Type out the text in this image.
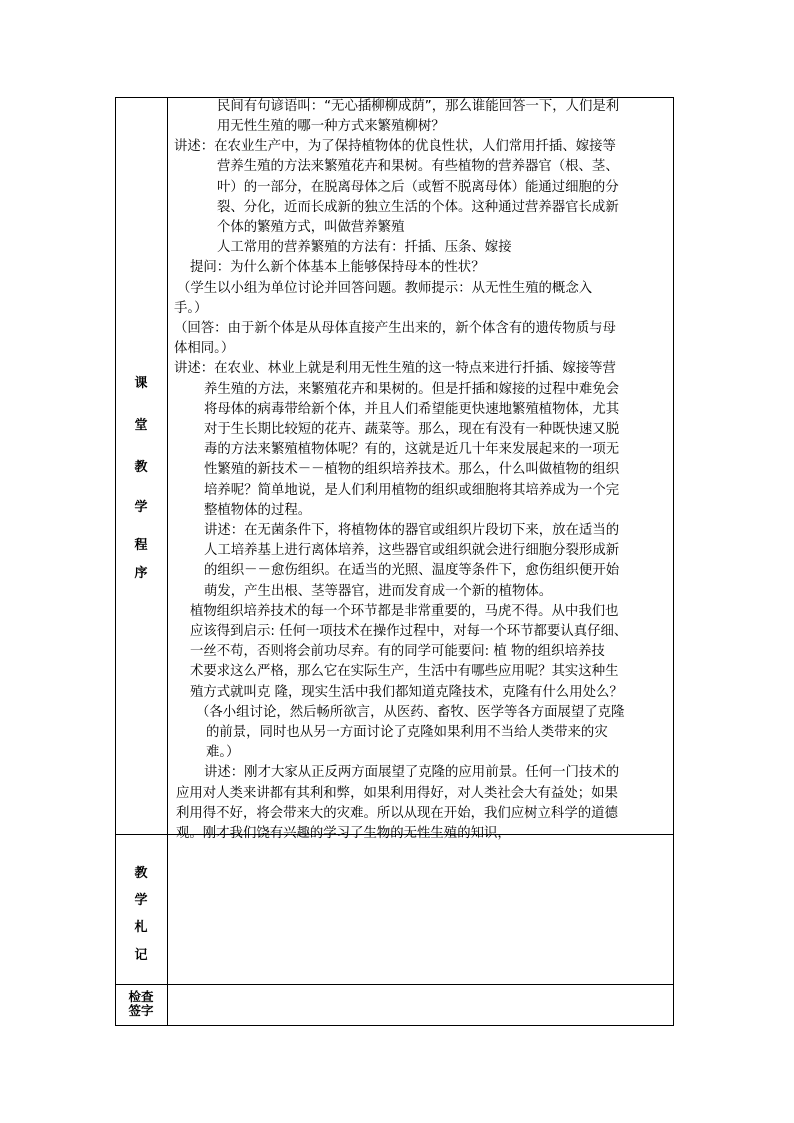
课
堂
教
学
程
序
教
学
札
记
检查
签字
民间有句谚语叫：“无心插柳柳成荫”，那么谁能回答一下，人们是利
用无性生殖的哪一种方式来繁殖柳树？
讲述：在农业生产中，为了保持植物体的优良性状，人们常用扦插、嫁接等
营养生殖的方法来繁殖花卉和果树。有些植物的营养器官（根、茎、
叶）的一部分，在脱离母体之后（或暂不脱离母体）能通过细胞的分
裂、分化，近而长成新的独立生活的个体。这种通过营养器官长成新
个体的繁殖方式，叫做营养繁殖
人工常用的营养繁殖的方法有：扦插、压条、嫁接
提问：为什么新个体基本上能够保持母本的性状？
（学生以小组为单位讨论并回答问题。教师提示：从无性生殖的概念入
手。）
（回答：由于新个体是从母体直接产生出来的，新个体含有的遗传物质与母
体相同。）
讲述：在农业、林业上就是利用无性生殖的这一特点来进行扦插、嫁接等营
养生殖的方法，来繁殖花卉和果树的。但是扦插和嫁接的过程中难免会
将母体的病毒带给新个体，并且人们希望能更快速地繁殖植物体，尤其
对于生长期比较短的花卉、蔬菜等。那么，现在有没有一种既快速又脱
毒的方法来繁殖植物体呢？有的，这就是近几十年来发展起来的一项无
性繁殖的新技术－－植物的组织培养技术。那么，什么叫做植物的组织
培养呢？简单地说，是人们利用植物的组织或细胞将其培养成为一个完
整植物体的过程。
讲述：在无菌条件下，将植物体的器官或组织片段切下来，放在适当的
人工培养基上进行离体培养，这些器官或组织就会进行细胞分裂形成新
的组织－－愈伤组织。在适当的光照、温度等条件下，愈伤组织便开始
萌发，产生出根、茎等器官，进而发育成一个新的植物体。
植物组织培养技术的每一个环节都是非常重要的，马虎不得。从中我们也
应该得到启示: 任何一项技术在操作过程中，对每一个环节都要认真仔细、
一丝不苟，否则将会前功尽弃。有的同学可能要问: 植 物的组织培养技
术要求这么严格，那么它在实际生产，生活中有哪些应用呢？其实这种生
殖方式就叫克 隆，现实生活中我们都知道克隆技术，克隆有什么用处么？
（各小组讨论，然后畅所欲言，从医药、畜牧、医学等各方面展望了克隆
的前景，同时也从另一方面讨论了克隆如果利用不当给人类带来的灾
难。）
讲述：刚才大家从正反两方面展望了克隆的应用前景。任何一门技术的
应用对人类来讲都有其利和弊，如果利用得好，对人类社会大有益处；如果
利用得不好，将会带来大的灾难。所以从现在开始，我们应树立科学的道德
观。刚才我们饶有兴趣的学习了生物的无性生殖的知识，
